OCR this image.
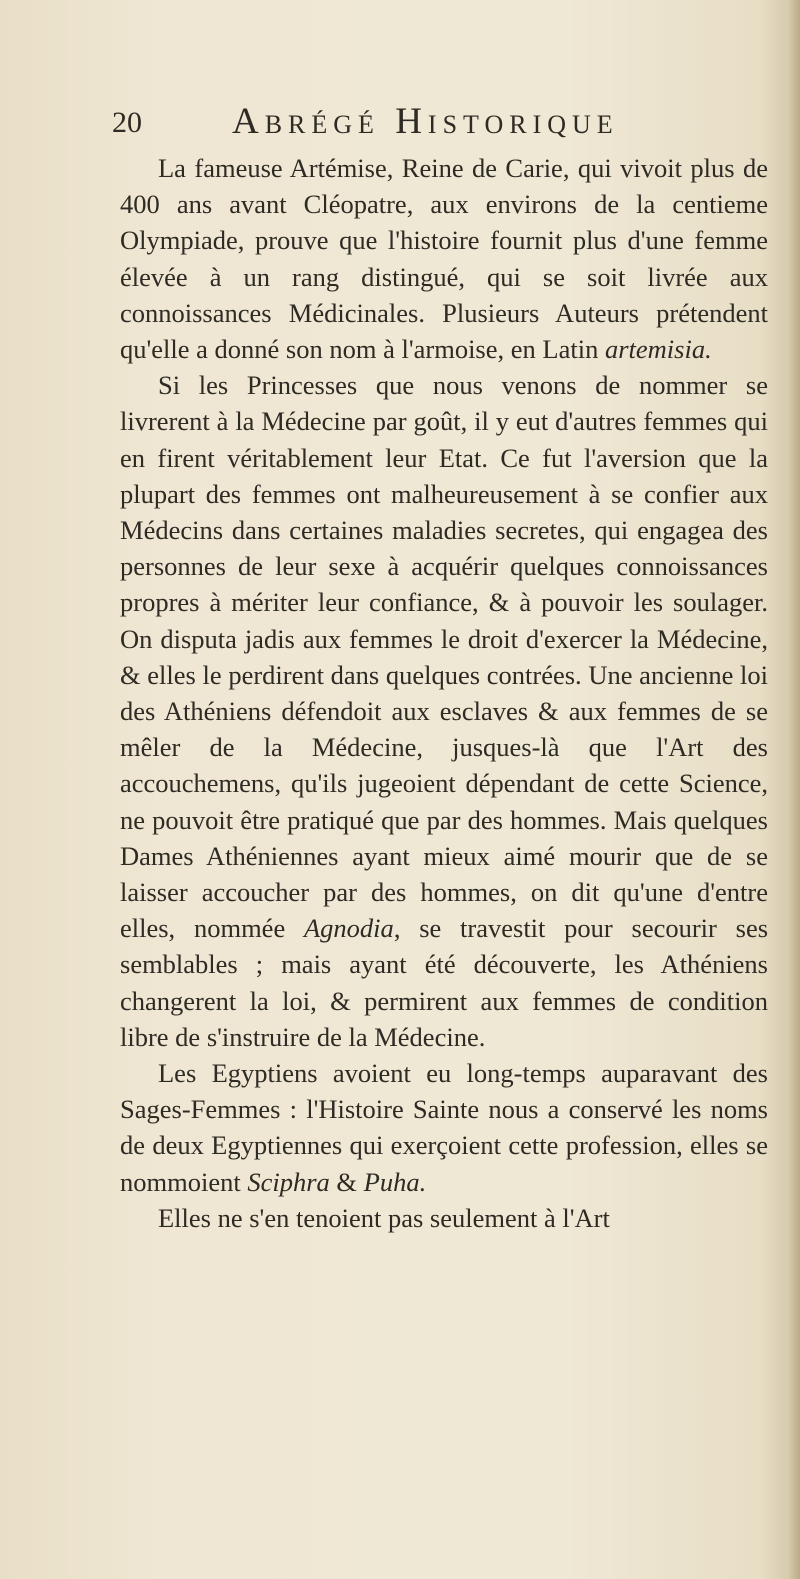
20 Abrégé Historique

La fameuse Artémise, Reine de Carie, qui vivoit plus de 400 ans avant Cléopatre, aux environs de la centieme Olympiade, prouve que l'histoire fournit plus d'une femme élevée à un rang distingué, qui se soit livrée aux connoissances Médicinales. Plusieurs Auteurs prétendent qu'elle a donné son nom à l'armoise, en Latin artemisia.

Si les Princesses que nous venons de nommer se livrerent à la Médecine par goût, il y eut d'autres femmes qui en firent véritablement leur Etat. Ce fut l'aversion que la plupart des femmes ont malheureusement à se confier aux Médecins dans certaines maladies secretes, qui engagea des personnes de leur sexe à acquérir quelques connoissances propres à mériter leur confiance, & à pouvoir les soulager. On disputa jadis aux femmes le droit d'exercer la Médecine, & elles le perdirent dans quelques contrées. Une ancienne loi des Athéniens défendoit aux esclaves & aux femmes de se mêler de la Médecine, jusques-là que l'Art des accouchemens, qu'ils jugeoient dépendant de cette Science, ne pouvoit être pratiqué que par des hommes. Mais quelques Dames Athéniennes ayant mieux aimé mourir que de se laisser accoucher par des hommes, on dit qu'une d'entre elles, nommée Agnodia, se travestit pour secourir ses semblables ; mais ayant été découverte, les Athéniens changerent la loi, & permirent aux femmes de condition libre de s'instruire de la Médecine.

Les Egyptiens avoient eu long-temps auparavant des Sages-Femmes : l'Histoire Sainte nous a conservé les noms de deux Egyptiennes qui exerçoient cette profession, elles se nommoient Sciphra & Puha.

Elles ne s'en tenoient pas seulement à l'Art
